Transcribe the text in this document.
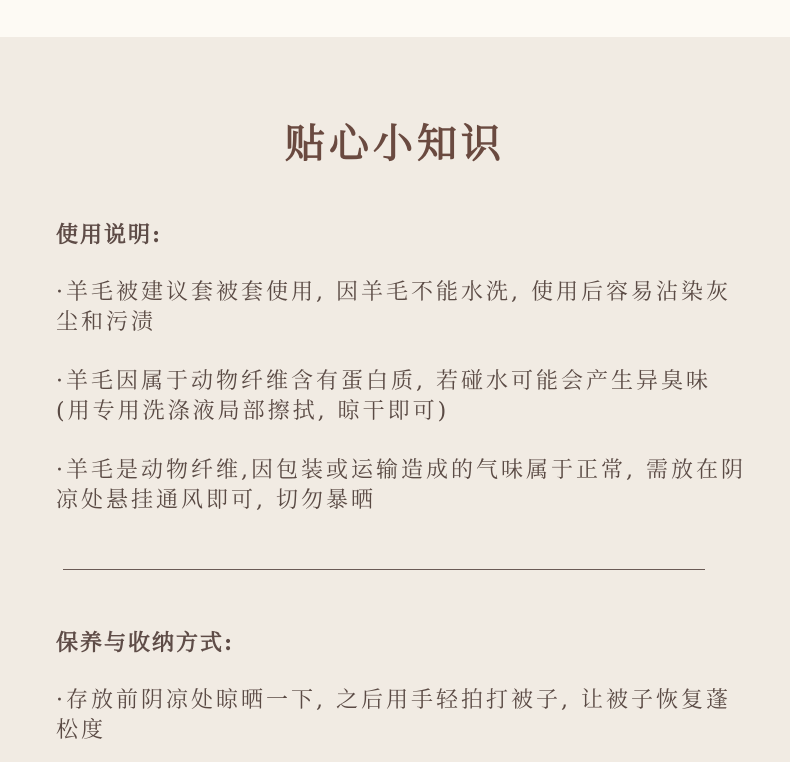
贴心小知识
使用说明:

·羊毛被建议套被套使用, 因羊毛不能水洗, 使用后容易沾染灰尘和污渍

·羊毛因属于动物纤维含有蛋白质, 若碰水可能会产生异臭味(用专用洗涤液局部擦拭, 晾干即可)

·羊毛是动物纤维,因包装或运输造成的气味属于正常, 需放在阴凉处悬挂通风即可, 切勿暴晒

保养与收纳方式:

·存放前阴凉处晾晒一下, 之后用手轻拍打被子, 让被子恢复蓬松度
